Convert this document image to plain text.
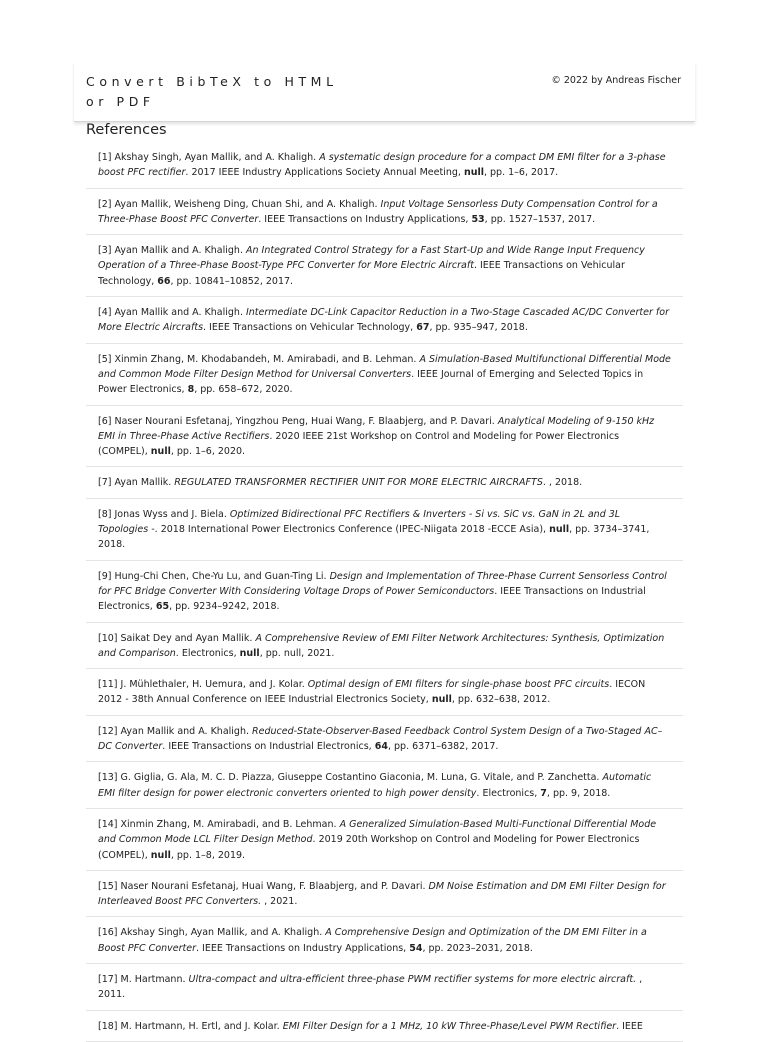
Convert BibTeX to HTML or PDF
© 2022 by Andreas Fischer
References
[1] Akshay Singh, Ayan Mallik, and A. Khaligh. A systematic design procedure for a compact DM EMI filter for a 3-phase boost PFC rectifier. 2017 IEEE Industry Applications Society Annual Meeting, null, pp. 1–6, 2017.
[2] Ayan Mallik, Weisheng Ding, Chuan Shi, and A. Khaligh. Input Voltage Sensorless Duty Compensation Control for a Three-Phase Boost PFC Converter. IEEE Transactions on Industry Applications, 53, pp. 1527–1537, 2017.
[3] Ayan Mallik and A. Khaligh. An Integrated Control Strategy for a Fast Start-Up and Wide Range Input Frequency Operation of a Three-Phase Boost-Type PFC Converter for More Electric Aircraft. IEEE Transactions on Vehicular Technology, 66, pp. 10841–10852, 2017.
[4] Ayan Mallik and A. Khaligh. Intermediate DC-Link Capacitor Reduction in a Two-Stage Cascaded AC/DC Converter for More Electric Aircrafts. IEEE Transactions on Vehicular Technology, 67, pp. 935–947, 2018.
[5] Xinmin Zhang, M. Khodabandeh, M. Amirabadi, and B. Lehman. A Simulation-Based Multifunctional Differential Mode and Common Mode Filter Design Method for Universal Converters. IEEE Journal of Emerging and Selected Topics in Power Electronics, 8, pp. 658–672, 2020.
[6] Naser Nourani Esfetanaj, Yingzhou Peng, Huai Wang, F. Blaabjerg, and P. Davari. Analytical Modeling of 9-150 kHz EMI in Three-Phase Active Rectifiers. 2020 IEEE 21st Workshop on Control and Modeling for Power Electronics (COMPEL), null, pp. 1–6, 2020.
[7] Ayan Mallik. REGULATED TRANSFORMER RECTIFIER UNIT FOR MORE ELECTRIC AIRCRAFTS. , 2018.
[8] Jonas Wyss and J. Biela. Optimized Bidirectional PFC Rectifiers & Inverters - Si vs. SiC vs. GaN in 2L and 3L Topologies -. 2018 International Power Electronics Conference (IPEC-Niigata 2018 -ECCE Asia), null, pp. 3734–3741, 2018.
[9] Hung-Chi Chen, Che-Yu Lu, and Guan-Ting Li. Design and Implementation of Three-Phase Current Sensorless Control for PFC Bridge Converter With Considering Voltage Drops of Power Semiconductors. IEEE Transactions on Industrial Electronics, 65, pp. 9234–9242, 2018.
[10] Saikat Dey and Ayan Mallik. A Comprehensive Review of EMI Filter Network Architectures: Synthesis, Optimization and Comparison. Electronics, null, pp. null, 2021.
[11] J. Mühlethaler, H. Uemura, and J. Kolar. Optimal design of EMI filters for single-phase boost PFC circuits. IECON 2012 - 38th Annual Conference on IEEE Industrial Electronics Society, null, pp. 632–638, 2012.
[12] Ayan Mallik and A. Khaligh. Reduced-State-Observer-Based Feedback Control System Design of a Two-Staged AC–DC Converter. IEEE Transactions on Industrial Electronics, 64, pp. 6371–6382, 2017.
[13] G. Giglia, G. Ala, M. C. D. Piazza, Giuseppe Costantino Giaconia, M. Luna, G. Vitale, and P. Zanchetta. Automatic EMI filter design for power electronic converters oriented to high power density. Electronics, 7, pp. 9, 2018.
[14] Xinmin Zhang, M. Amirabadi, and B. Lehman. A Generalized Simulation-Based Multi-Functional Differential Mode and Common Mode LCL Filter Design Method. 2019 20th Workshop on Control and Modeling for Power Electronics (COMPEL), null, pp. 1–8, 2019.
[15] Naser Nourani Esfetanaj, Huai Wang, F. Blaabjerg, and P. Davari. DM Noise Estimation and DM EMI Filter Design for Interleaved Boost PFC Converters. , 2021.
[16] Akshay Singh, Ayan Mallik, and A. Khaligh. A Comprehensive Design and Optimization of the DM EMI Filter in a Boost PFC Converter. IEEE Transactions on Industry Applications, 54, pp. 2023–2031, 2018.
[17] M. Hartmann. Ultra-compact and ultra-efficient three-phase PWM rectifier systems for more electric aircraft. , 2011.
[18] M. Hartmann, H. Ertl, and J. Kolar. EMI Filter Design for a 1 MHz, 10 kW Three-Phase/Level PWM Rectifier. IEEE
